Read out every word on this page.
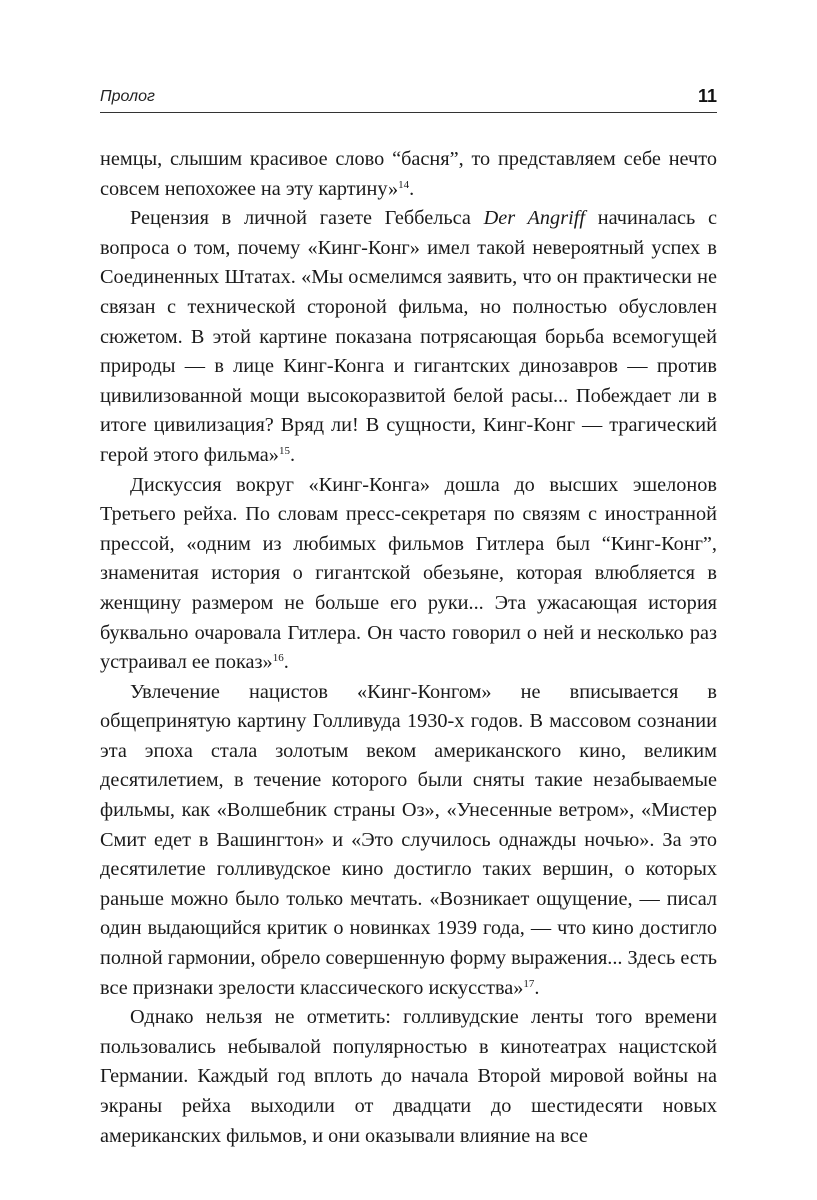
Пролог	11

немцы, слышим красивое слово “басня”, то представляем себе нечто совсем непохожее на эту картину»$^{14}$.

Рецензия в личной газете Геббельса Der Angriff начиналась с вопроса о том, почему «Кинг-Конг» имел такой невероятный успех в Соединенных Штатах. «Мы осмелимся заявить, что он практически не связан с технической стороной фильма, но полностью обусловлен сюжетом. В этой картине показана потрясающая борьба всемогущей природы — в лице Кинг-Конга и гигантских динозавров — против цивилизованной мощи высокоразвитой белой расы... Побеждает ли в итоге цивилизация? Вряд ли! В сущности, Кинг-Конг — трагический герой этого фильма»$^{15}$.

Дискуссия вокруг «Кинг-Конга» дошла до высших эшелонов Третьего рейха. По словам пресс-секретаря по связям с иностранной прессой, «одним из любимых фильмов Гитлера был “Кинг-Конг”, знаменитая история о гигантской обезьяне, которая влюбляется в женщину размером не больше его руки... Эта ужасающая история буквально очаровала Гитлера. Он часто говорил о ней и несколько раз устраивал ее показ»$^{16}$.

Увлечение нацистов «Кинг-Конгом» не вписывается в общепринятую картину Голливуда 1930-х годов. В массовом сознании эта эпоха стала золотым веком американского кино, великим десятилетием, в течение которого были сняты такие незабываемые фильмы, как «Волшебник страны Оз», «Унесенные ветром», «Мистер Смит едет в Вашингтон» и «Это случилось однажды ночью». За это десятилетие голливудское кино достигло таких вершин, о которых раньше можно было только мечтать. «Возникает ощущение, — писал один выдающийся критик о новинках 1939 года, — что кино достигло полной гармонии, обрело совершенную форму выражения... Здесь есть все признаки зрелости классического искусства»$^{17}$.

Однако нельзя не отметить: голливудские ленты того времени пользовались небывалой популярностью в кинотеатрах нацистской Германии. Каждый год вплоть до начала Второй мировой войны на экраны рейха выходили от двадцати до шестидесяти новых американских фильмов, и они оказывали влияние на все
